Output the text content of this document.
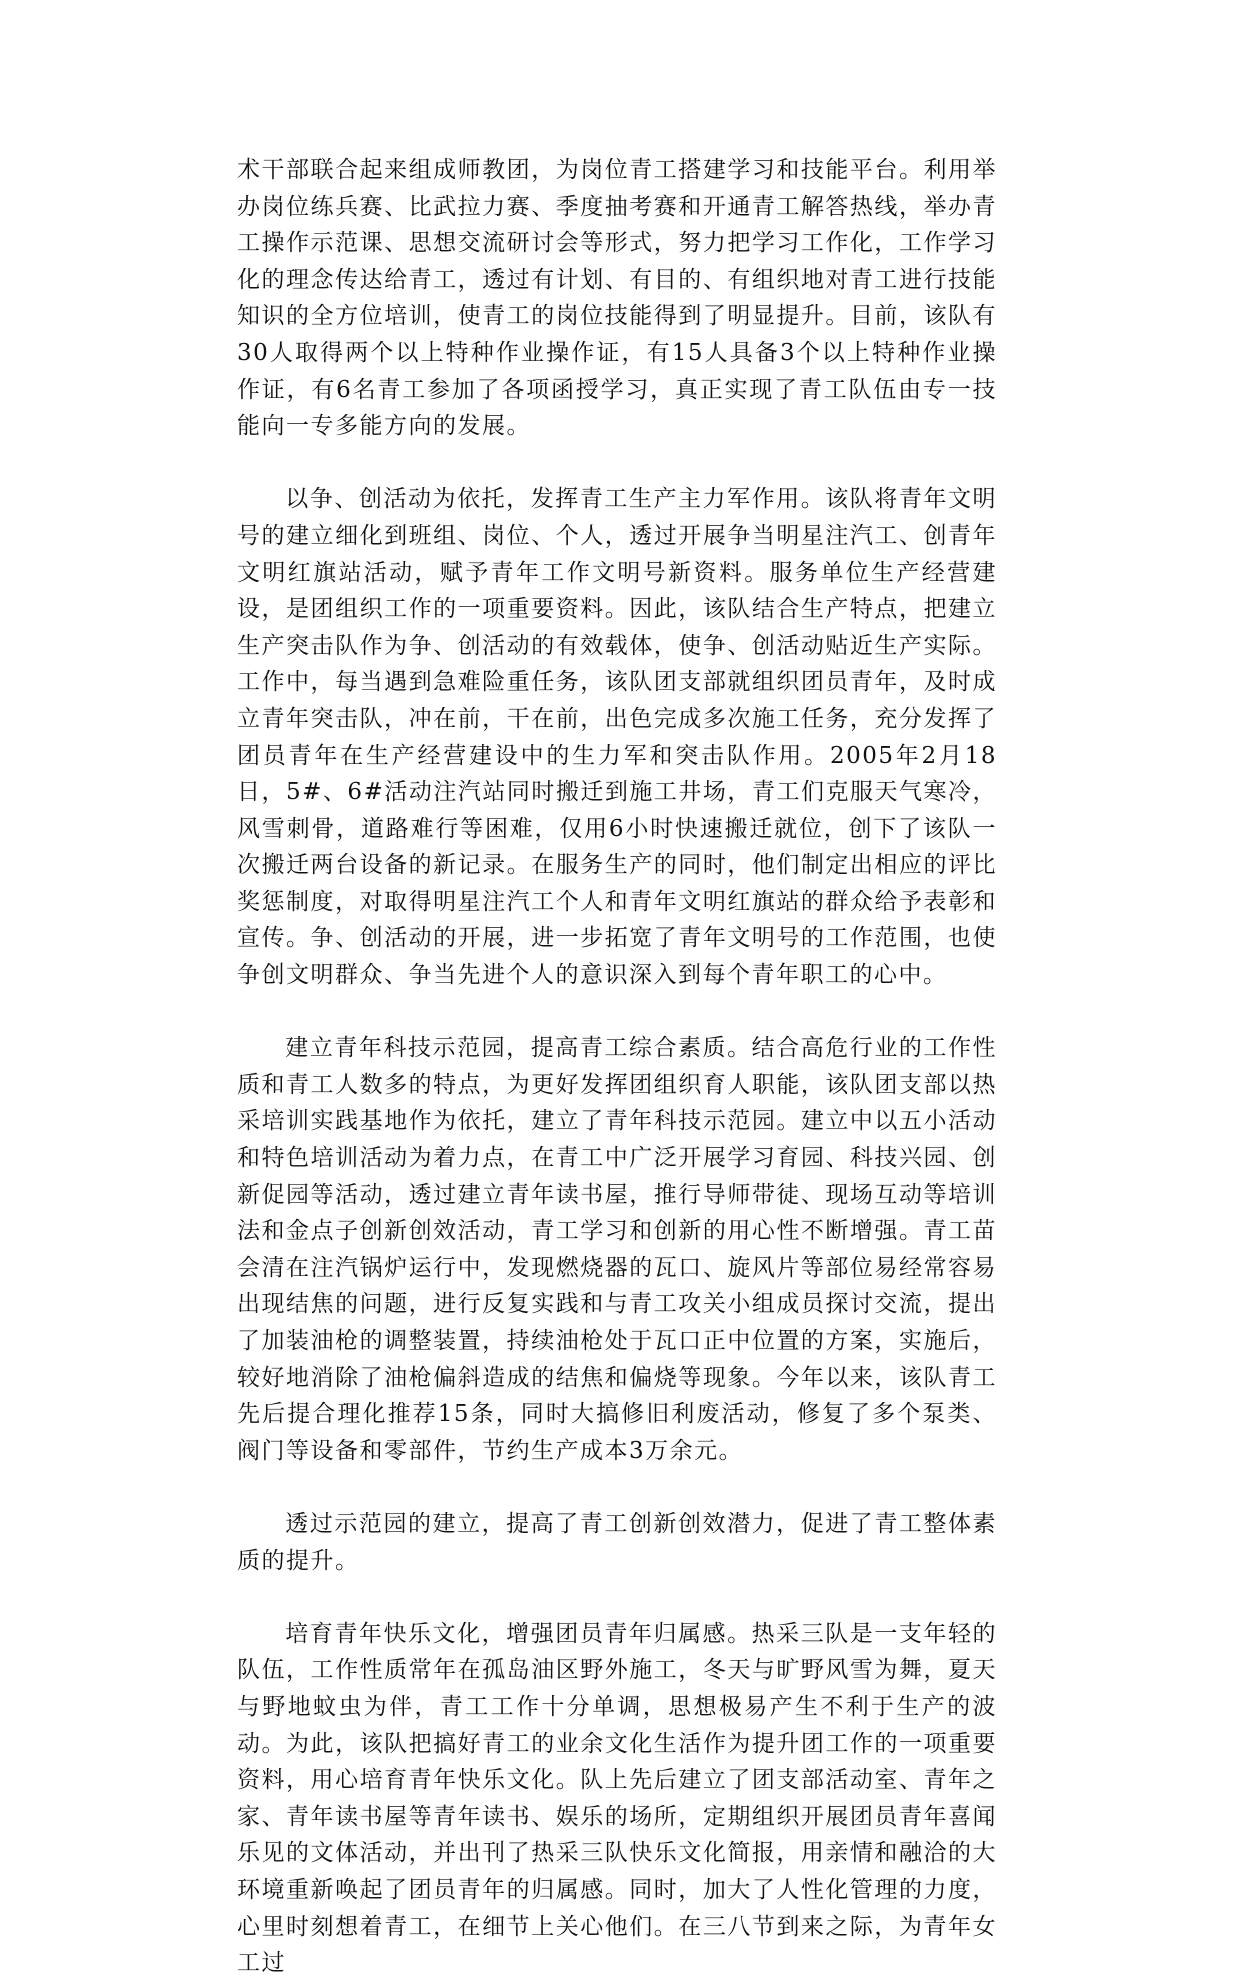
术干部联合起来组成师教团，为岗位青工搭建学习和技能平台。利用举办岗位练兵赛、比武拉力赛、季度抽考赛和开通青工解答热线，举办青工操作示范课、思想交流研讨会等形式，努力把学习工作化，工作学习化的理念传达给青工，透过有计划、有目的、有组织地对青工进行技能知识的全方位培训，使青工的岗位技能得到了明显提升。目前，该队有30人取得两个以上特种作业操作证，有15人具备3个以上特种作业操作证，有6名青工参加了各项函授学习，真正实现了青工队伍由专一技能向一专多能方向的发展。

以争、创活动为依托，发挥青工生产主力军作用。该队将青年文明号的建立细化到班组、岗位、个人，透过开展争当明星注汽工、创青年文明红旗站活动，赋予青年工作文明号新资料。服务单位生产经营建设，是团组织工作的一项重要资料。因此，该队结合生产特点，把建立生产突击队作为争、创活动的有效载体，使争、创活动贴近生产实际。工作中，每当遇到急难险重任务，该队团支部就组织团员青年，及时成立青年突击队，冲在前，干在前，出色完成多次施工任务，充分发挥了团员青年在生产经营建设中的生力军和突击队作用。2005年2月18日，5#、6#活动注汽站同时搬迁到施工井场，青工们克服天气寒冷，风雪刺骨，道路难行等困难，仅用6小时快速搬迁就位，创下了该队一次搬迁两台设备的新记录。在服务生产的同时，他们制定出相应的评比奖惩制度，对取得明星注汽工个人和青年文明红旗站的群众给予表彰和宣传。争、创活动的开展，进一步拓宽了青年文明号的工作范围，也使争创文明群众、争当先进个人的意识深入到每个青年职工的心中。

建立青年科技示范园，提高青工综合素质。结合高危行业的工作性质和青工人数多的特点，为更好发挥团组织育人职能，该队团支部以热采培训实践基地作为依托，建立了青年科技示范园。建立中以五小活动和特色培训活动为着力点，在青工中广泛开展学习育园、科技兴园、创新促园等活动，透过建立青年读书屋，推行导师带徒、现场互动等培训法和金点子创新创效活动，青工学习和创新的用心性不断增强。青工苗会清在注汽锅炉运行中，发现燃烧器的瓦口、旋风片等部位易经常容易出现结焦的问题，进行反复实践和与青工攻关小组成员探讨交流，提出了加装油枪的调整装置，持续油枪处于瓦口正中位置的方案，实施后，较好地消除了油枪偏斜造成的结焦和偏烧等现象。今年以来，该队青工先后提合理化推荐15条，同时大搞修旧利废活动，修复了多个泵类、阀门等设备和零部件，节约生产成本3万余元。

透过示范园的建立，提高了青工创新创效潜力，促进了青工整体素质的提升。

培育青年快乐文化，增强团员青年归属感。热采三队是一支年轻的队伍，工作性质常年在孤岛油区野外施工，冬天与旷野风雪为舞，夏天与野地蚊虫为伴，青工工作十分单调，思想极易产生不利于生产的波动。为此，该队把搞好青工的业余文化生活作为提升团工作的一项重要资料，用心培育青年快乐文化。队上先后建立了团支部活动室、青年之家、青年读书屋等青年读书、娱乐的场所，定期组织开展团员青年喜闻乐见的文体活动，并出刊了热采三队快乐文化简报，用亲情和融洽的大环境重新唤起了团员青年的归属感。同时，加大了人性化管理的力度，心里时刻想着青工，在细节上关心他们。在三八节到来之际，为青年女工过
